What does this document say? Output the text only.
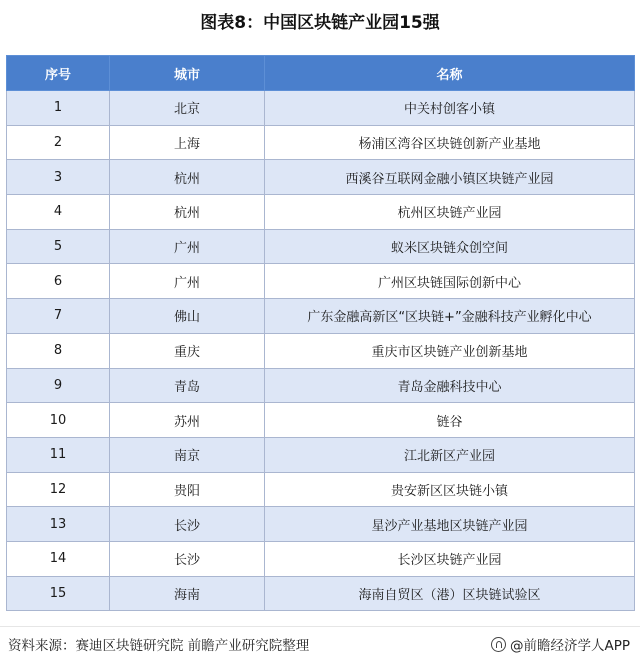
图表8：中国区块链产业园15强
序号	城市	名称
1	北京	中关村创客小镇
2	上海	杨浦区湾谷区块链创新产业基地
3	杭州	西溪谷互联网金融小镇区块链产业园
4	杭州	杭州区块链产业园
5	广州	蚁米区块链众创空间
6	广州	广州区块链国际创新中心
7	佛山	广东金融高新区“区块链+”金融科技产业孵化中心
8	重庆	重庆市区块链产业创新基地
9	青岛	青岛金融科技中心
10	苏州	链谷
11	南京	江北新区产业园
12	贵阳	贵安新区区块链小镇
13	长沙	星沙产业基地区块链产业园
14	长沙	长沙区块链产业园
15	海南	海南自贸区（港）区块链试验区
资料来源：赛迪区块链研究院 前瞻产业研究院整理	@前瞻经济学人APP
